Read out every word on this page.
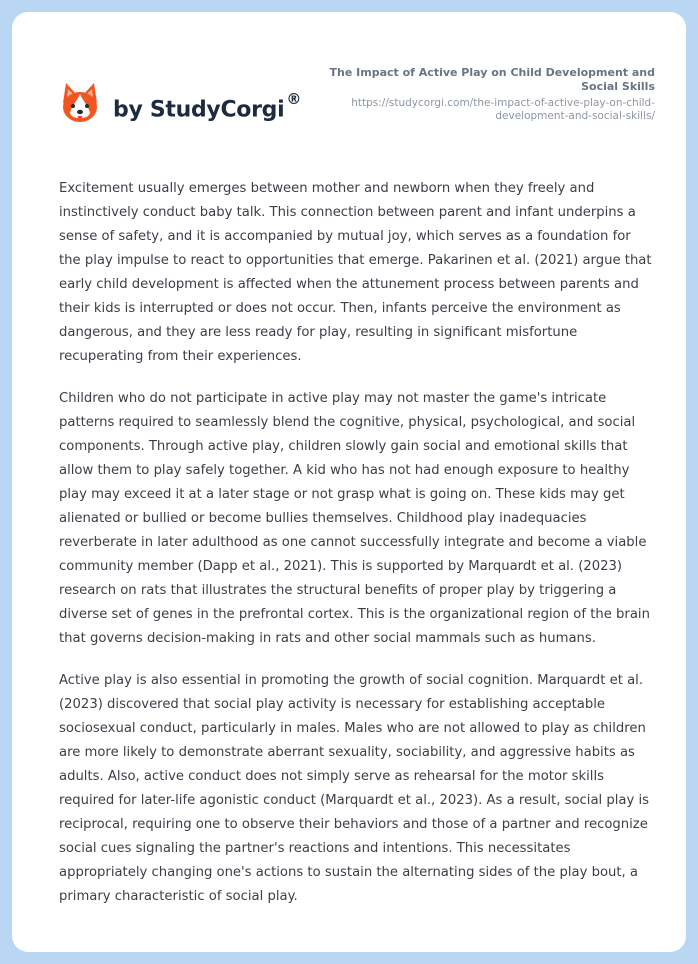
by StudyCorgi ®
The Impact of Active Play on Child Development and Social Skills
https://studycorgi.com/the-impact-of-active-play-on-child-development-and-social-skills/

Excitement usually emerges between mother and newborn when they freely and instinctively conduct baby talk. This connection between parent and infant underpins a sense of safety, and it is accompanied by mutual joy, which serves as a foundation for the play impulse to react to opportunities that emerge. Pakarinen et al. (2021) argue that early child development is affected when the attunement process between parents and their kids is interrupted or does not occur. Then, infants perceive the environment as dangerous, and they are less ready for play, resulting in significant misfortune recuperating from their experiences.

Children who do not participate in active play may not master the game's intricate patterns required to seamlessly blend the cognitive, physical, psychological, and social components. Through active play, children slowly gain social and emotional skills that allow them to play safely together. A kid who has not had enough exposure to healthy play may exceed it at a later stage or not grasp what is going on. These kids may get alienated or bullied or become bullies themselves. Childhood play inadequacies reverberate in later adulthood as one cannot successfully integrate and become a viable community member (Dapp et al., 2021). This is supported by Marquardt et al. (2023) research on rats that illustrates the structural benefits of proper play by triggering a diverse set of genes in the prefrontal cortex. This is the organizational region of the brain that governs decision-making in rats and other social mammals such as humans.

Active play is also essential in promoting the growth of social cognition. Marquardt et al. (2023) discovered that social play activity is necessary for establishing acceptable sociosexual conduct, particularly in males. Males who are not allowed to play as children are more likely to demonstrate aberrant sexuality, sociability, and aggressive habits as adults. Also, active conduct does not simply serve as rehearsal for the motor skills required for later-life agonistic conduct (Marquardt et al., 2023). As a result, social play is reciprocal, requiring one to observe their behaviors and those of a partner and recognize social cues signaling the partner's reactions and intentions. This necessitates appropriately changing one's actions to sustain the alternating sides of the play bout, a primary characteristic of social play.
